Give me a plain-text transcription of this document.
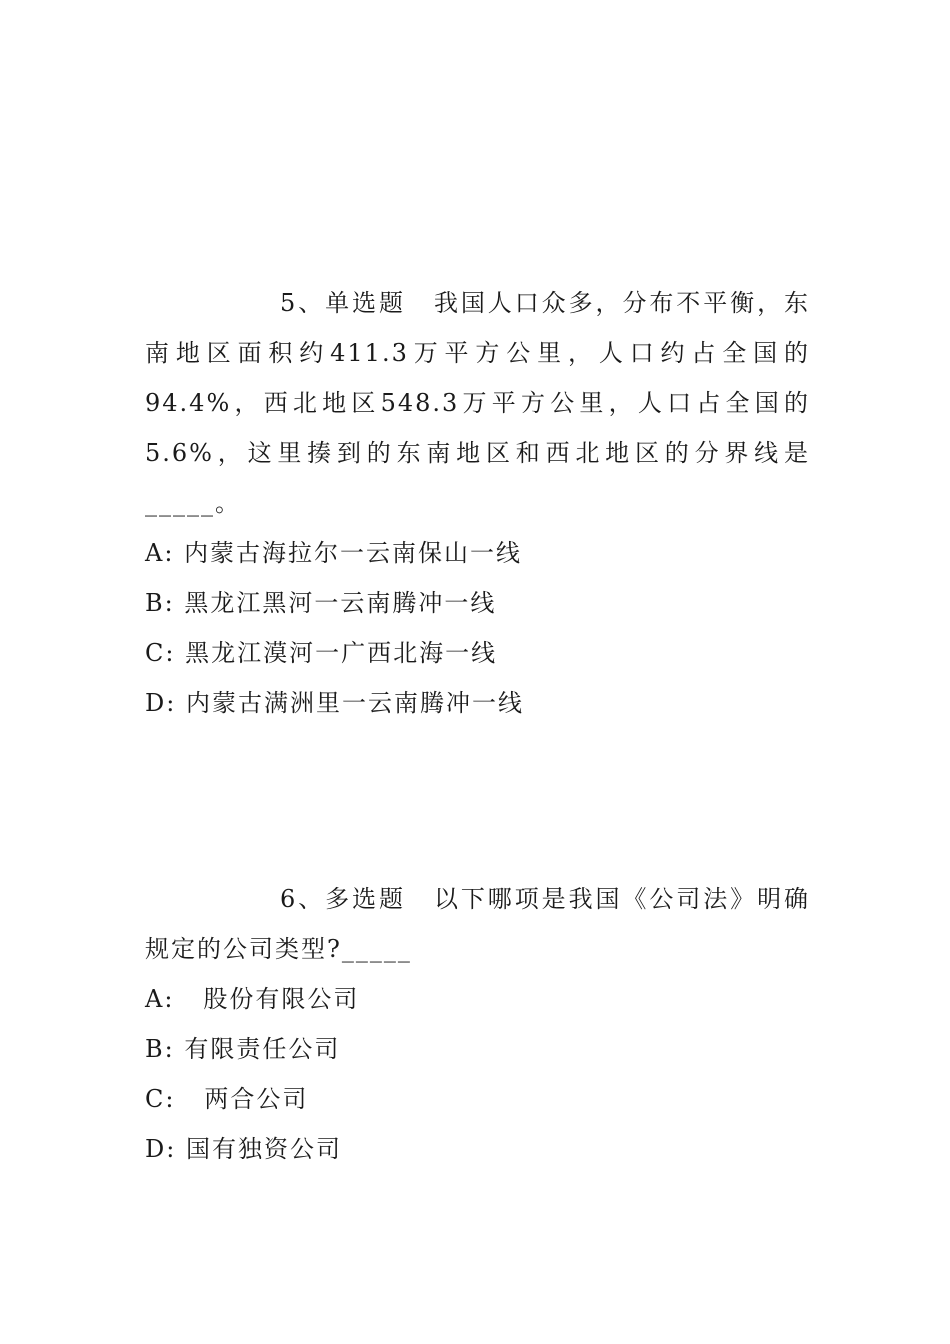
5、单选题 我国人口众多，分布不平衡，东南地区面积约411.3万平方公里，人口约占全国的94.4%，西北地区548.3万平方公里，人口占全国的5.6%，这里揍到的东南地区和西北地区的分界线是_____。

A: 内蒙古海拉尔一云南保山一线

B: 黑龙江黑河一云南腾冲一线

C: 黑龙江漠河一广西北海一线

D: 内蒙古满洲里一云南腾冲一线

6、多选题 以下哪项是我国《公司法》明确规定的公司类型?_____

A:   股份有限公司

B: 有限责任公司

C:   两合公司

D: 国有独资公司
